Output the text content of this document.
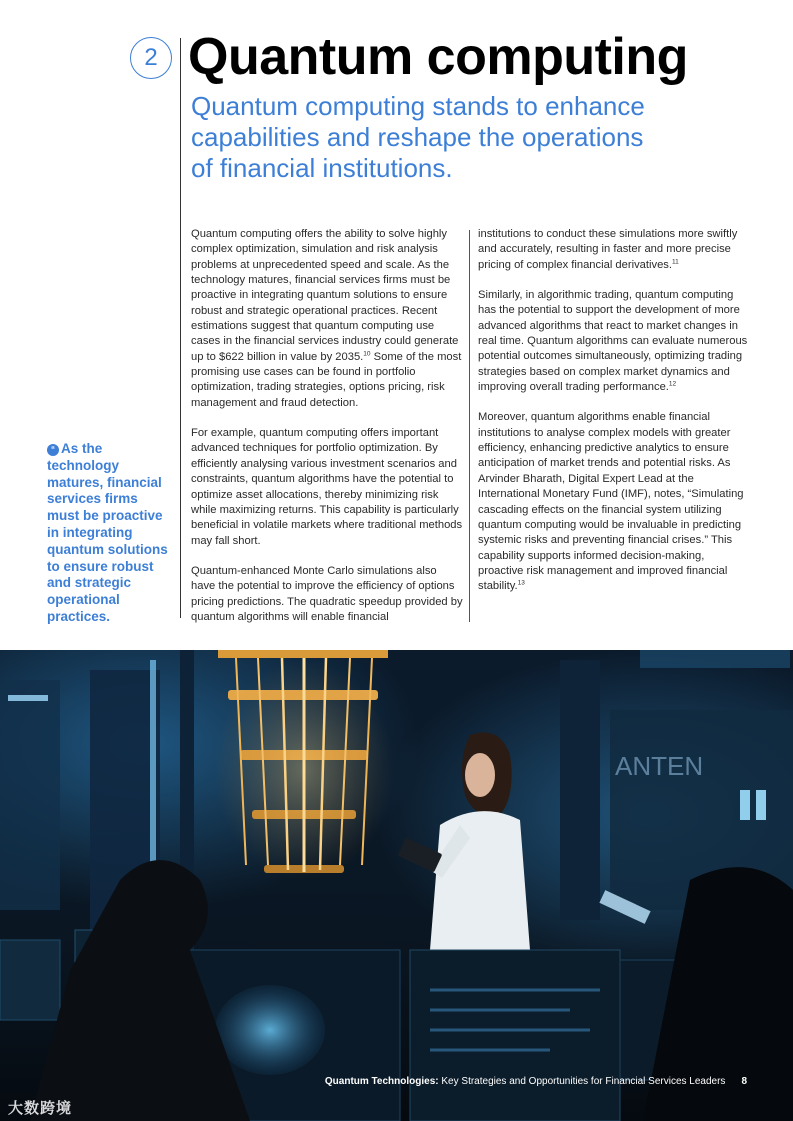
2 Quantum computing
Quantum computing stands to enhance capabilities and reshape the operations of financial institutions.
“ As the technology matures, financial services firms must be proactive in integrating quantum solutions to ensure robust and strategic operational practices.

Quantum computing offers the ability to solve highly complex optimization, simulation and risk analysis problems at unprecedented speed and scale. As the technology matures, financial services firms must be proactive in integrating quantum solutions to ensure robust and strategic operational practices. Recent estimations suggest that quantum computing use cases in the financial services industry could generate up to $622 billion in value by 2035.10 Some of the most promising use cases can be found in portfolio optimization, trading strategies, options pricing, risk management and fraud detection.

For example, quantum computing offers important advanced techniques for portfolio optimization. By efficiently analysing various investment scenarios and constraints, quantum algorithms have the potential to optimize asset allocations, thereby minimizing risk while maximizing returns. This capability is particularly beneficial in volatile markets where traditional methods may fall short.

Quantum-enhanced Monte Carlo simulations also have the potential to improve the efficiency of options pricing predictions. The quadratic speedup provided by quantum algorithms will enable financial

institutions to conduct these simulations more swiftly and accurately, resulting in faster and more precise pricing of complex financial derivatives.$^{11}$

Similarly, in algorithmic trading, quantum computing has the potential to support the development of more advanced algorithms that react to market changes in real time. Quantum algorithms can evaluate numerous potential outcomes simultaneously, optimizing trading strategies based on complex market dynamics and improving overall trading performance.$^{12}$

Moreover, quantum algorithms enable financial institutions to analyse complex models with greater efficiency, enhancing predictive analytics to ensure anticipation of market trends and potential risks. As Arvinder Bharath, Digital Expert Lead at the International Monetary Fund (IMF), notes, “Simulating cascading effects on the financial system utilizing quantum computing would be invaluable in predicting systemic risks and preventing financial crises.” This capability supports informed decision-making, proactive risk management and improved financial stability.$^{13}$

ANTEN
Quantum Technologies: Key Strategies and Opportunities for Financial Services Leaders 8
大数跨境
